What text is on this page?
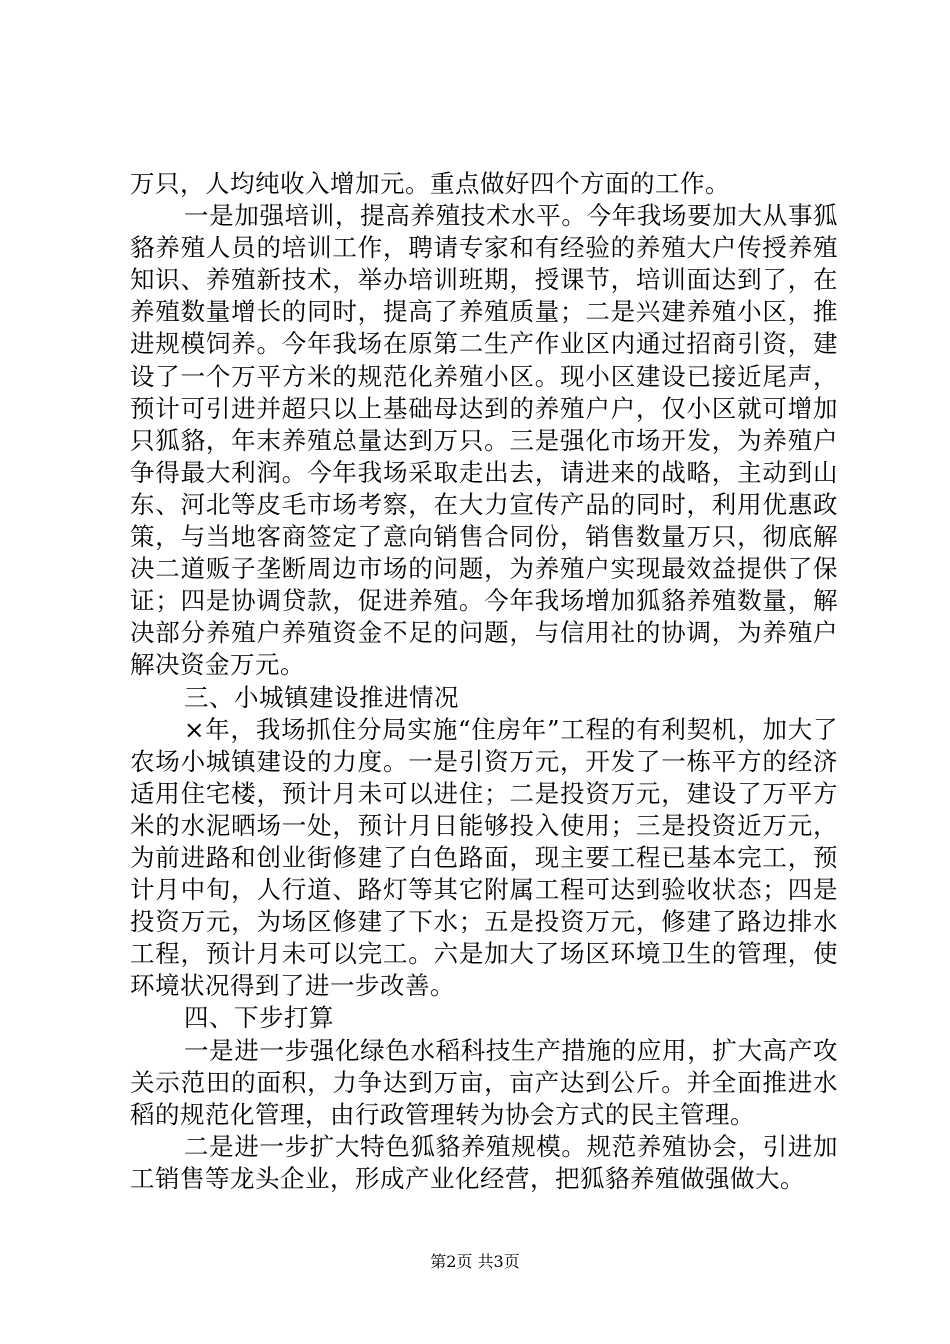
万只，人均纯收入增加元。重点做好四个方面的工作。

一是加强培训，提高养殖技术水平。今年我场要加大从事狐貉养殖人员的培训工作，聘请专家和有经验的养殖大户传授养殖知识、养殖新技术，举办培训班期，授课节，培训面达到了，在养殖数量增长的同时，提高了养殖质量；二是兴建养殖小区，推进规模饲养。今年我场在原第二生产作业区内通过招商引资，建设了一个万平方米的规范化养殖小区。现小区建设已接近尾声，预计可引进并超只以上基础母达到的养殖户户，仅小区就可增加只狐貉，年末养殖总量达到万只。三是强化市场开发，为养殖户争得最大利润。今年我场采取走出去，请进来的战略，主动到山东、河北等皮毛市场考察，在大力宣传产品的同时，利用优惠政策，与当地客商签定了意向销售合同份，销售数量万只，彻底解决二道贩子垄断周边市场的问题，为养殖户实现最效益提供了保证；四是协调贷款，促进养殖。今年我场增加狐貉养殖数量，解决部分养殖户养殖资金不足的问题，与信用社的协调，为养殖户解决资金万元。

三、小城镇建设推进情况

×年，我场抓住分局实施“住房年”工程的有利契机，加大了农场小城镇建设的力度。一是引资万元，开发了一栋平方的经济适用住宅楼，预计月未可以进住；二是投资万元，建设了万平方米的水泥晒场一处，预计月日能够投入使用；三是投资近万元，为前进路和创业街修建了白色路面，现主要工程已基本完工，预计月中旬，人行道、路灯等其它附属工程可达到验收状态；四是投资万元，为场区修建了下水；五是投资万元，修建了路边排水工程，预计月未可以完工。六是加大了场区环境卫生的管理，使环境状况得到了进一步改善。

四、下步打算

一是进一步强化绿色水稻科技生产措施的应用，扩大高产攻关示范田的面积，力争达到万亩，亩产达到公斤。并全面推进水稻的规范化管理，由行政管理转为协会方式的民主管理。

二是进一步扩大特色狐貉养殖规模。规范养殖协会，引进加工销售等龙头企业，形成产业化经营，把狐貉养殖做强做大。

第2页 共3页
